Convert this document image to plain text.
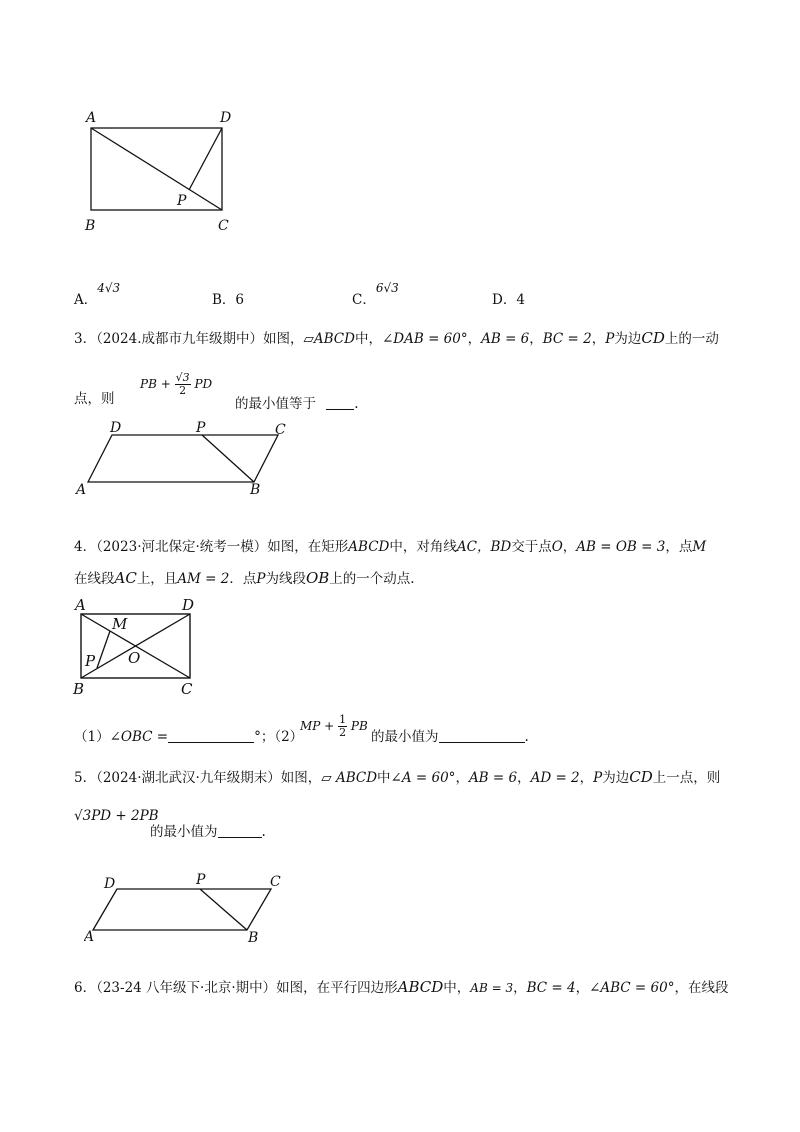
A	D
B	C
P
A．4√3
B．6	C．6√3
D．4
3．（2024.成都市九年级期中）如图，▱ABCD中，∠DAB = 60°，AB = 6，BC = 2，P为边CD上的一动
点，则
PB + $\frac{√3}{2}$ PD
的最小值等于	.
D	P	C
A	B
4．（2023·河北保定·统考一模）如图，在矩形ABCD中，对角线AC，BD交于点O，AB = OB = 3，点M
在线段AC上，且AM = 2．点P为线段OB上的一个动点.
A	D
M
O
P
B	C
（1）∠OBC =	°；（2）
MP + $\frac{1}{2}$ PB
的最小值为	.
5．（2024·湖北武汉·九年级期末）如图，▱ ABCD中∠A = 60°，AB = 6，AD = 2，P为边CD上一点，则
√3PD + 2PB
的最小值为	.
D	P	C
A	B
6．（23-24 八年级下·北京·期中）如图，在平行四边形ABCD中，AB = 3，BC = 4，∠ABC = 60°，在线段
